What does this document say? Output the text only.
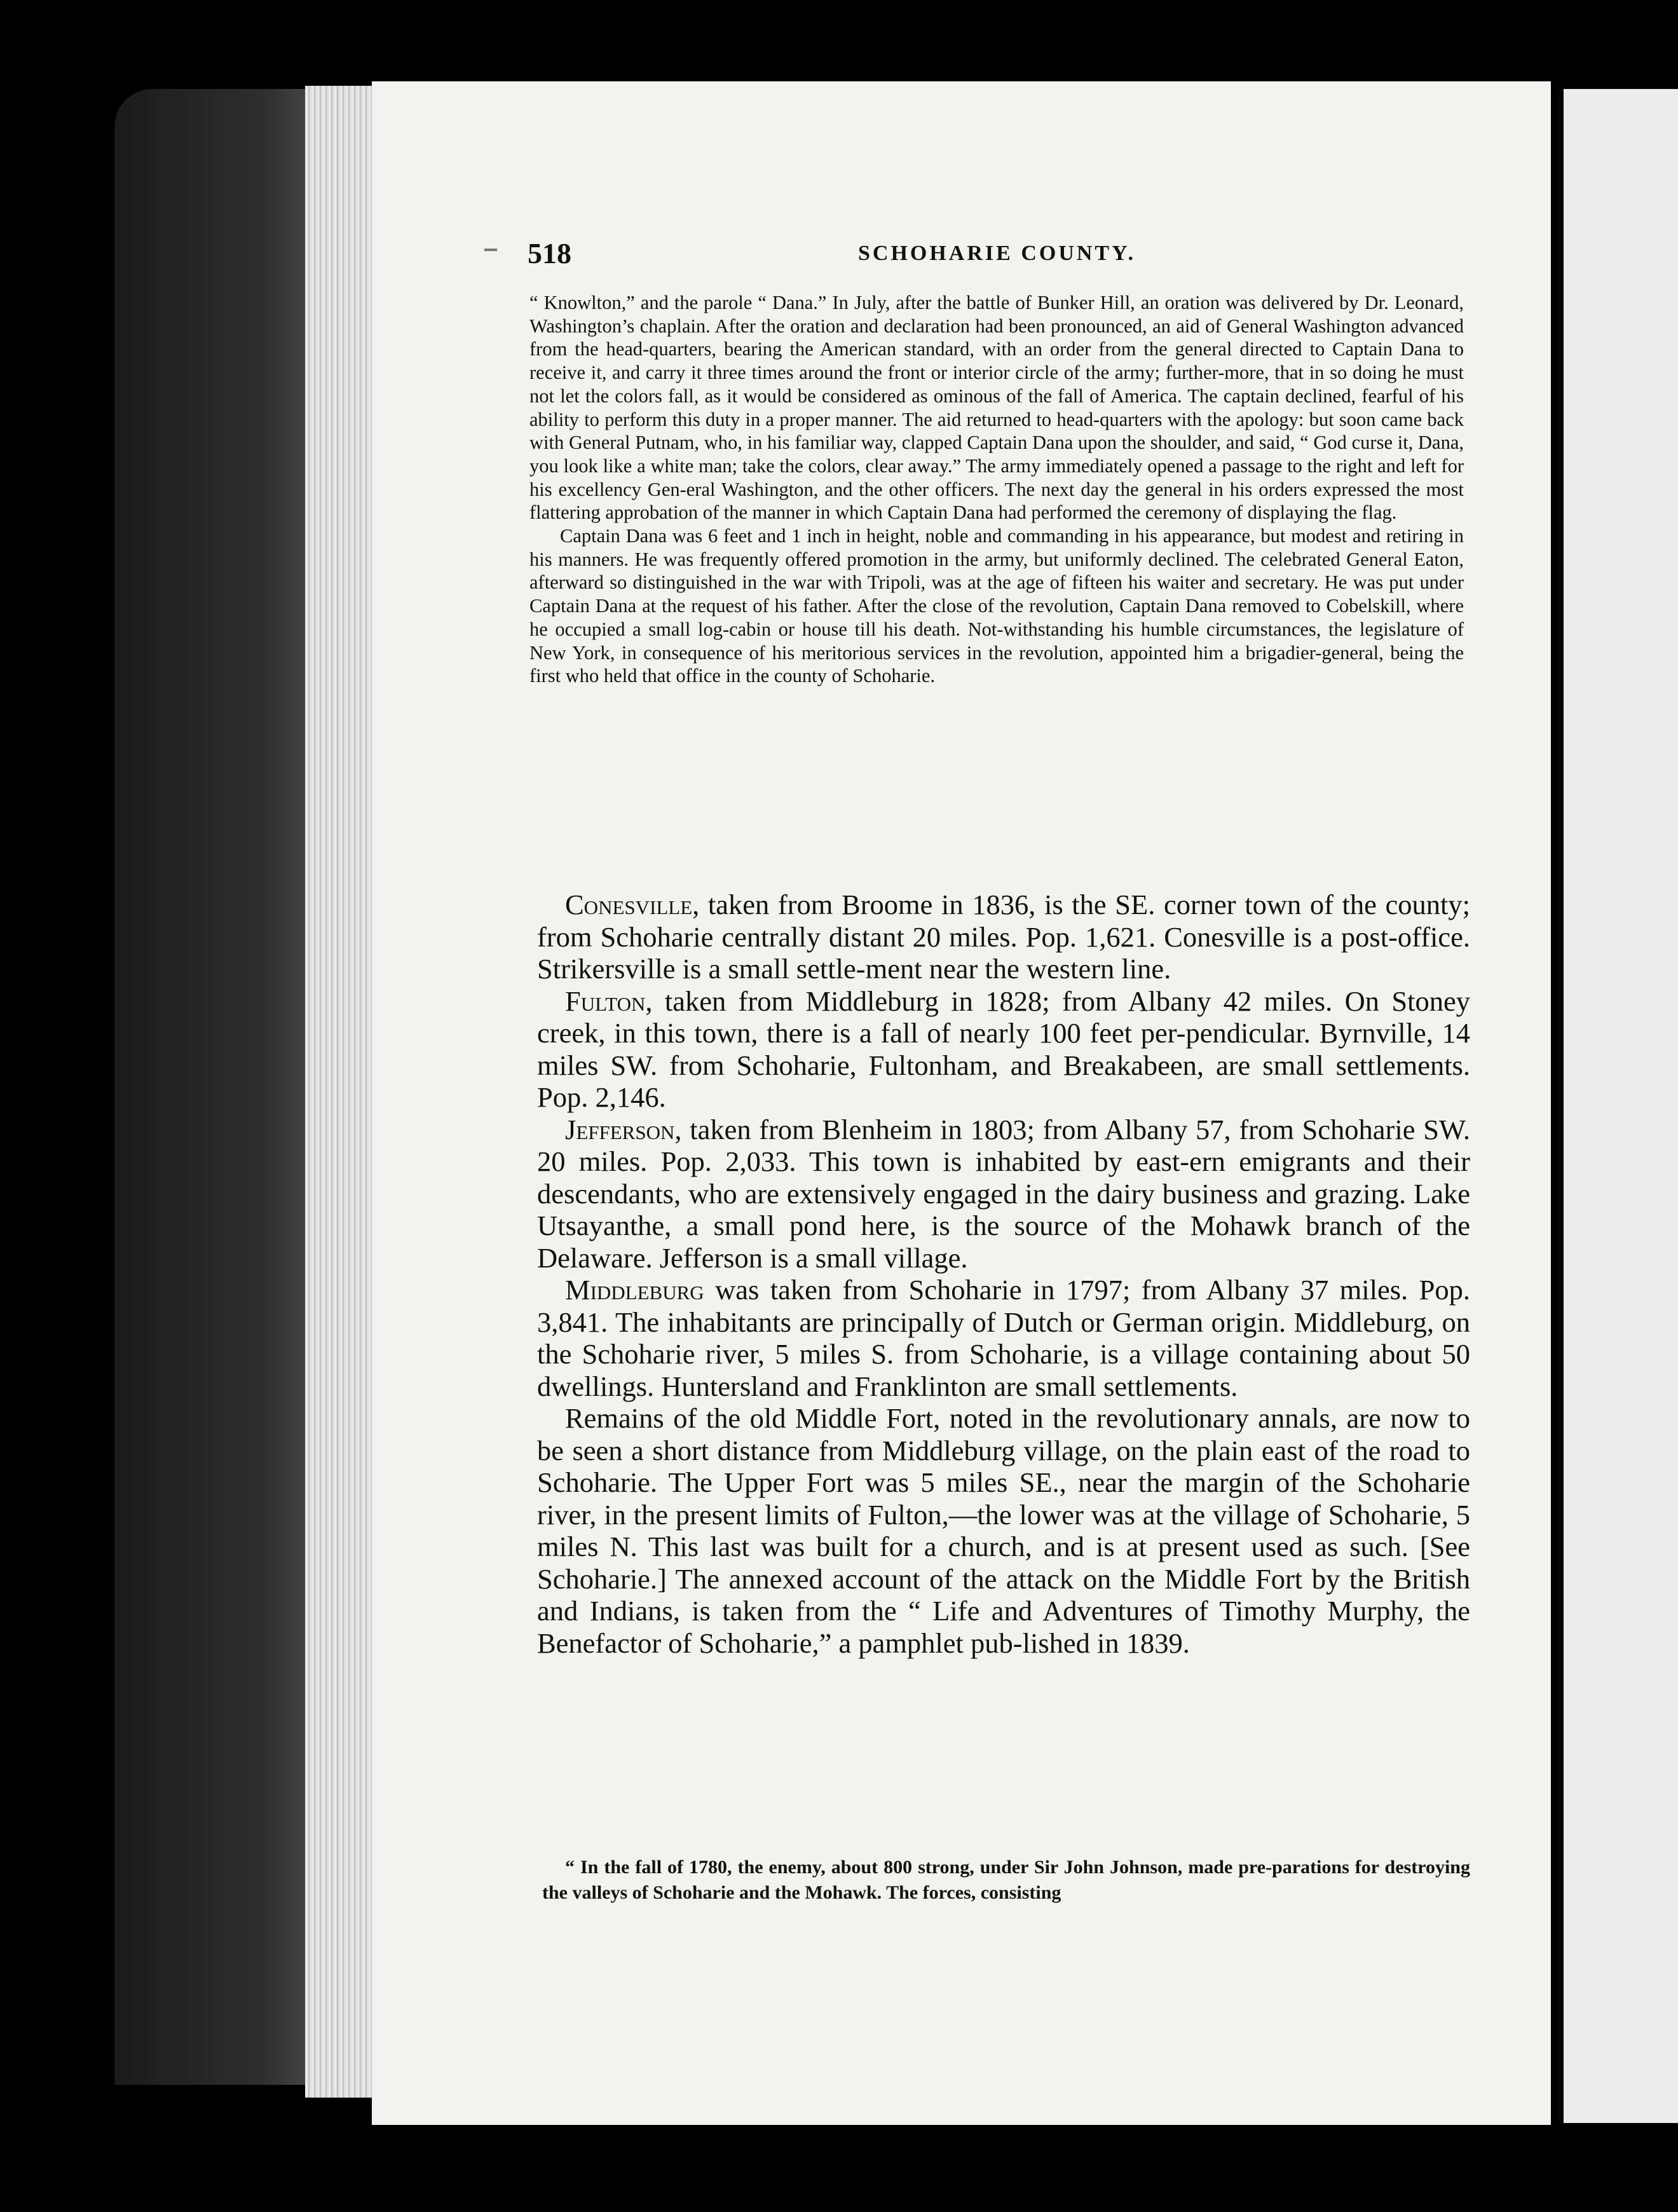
518	SCHOHARIE COUNTY.

“ Knowlton,” and the parole “ Dana.” In July, after the battle of Bunker Hill, an oration was delivered by Dr. Leonard, Washington’s chaplain. After the oration and declaration had been pronounced, an aid of General Washington advanced from the head-quarters, bearing the American standard, with an order from the general directed to Captain Dana to receive it, and carry it three times around the front or interior circle of the army; further-more, that in so doing he must not let the colors fall, as it would be considered as ominous of the fall of America. The captain declined, fearful of his ability to perform this duty in a proper manner. The aid returned to head-quarters with the apology: but soon came back with General Putnam, who, in his familiar way, clapped Captain Dana upon the shoulder, and said, “ God curse it, Dana, you look like a white man; take the colors, clear away.” The army immediately opened a passage to the right and left for his excellency Gen-eral Washington, and the other officers. The next day the general in his orders expressed the most flattering approbation of the manner in which Captain Dana had performed the ceremony of displaying the flag.

Captain Dana was 6 feet and 1 inch in height, noble and commanding in his appearance, but modest and retiring in his manners. He was frequently offered promotion in the army, but uniformly declined. The celebrated General Eaton, afterward so distinguished in the war with Tripoli, was at the age of fifteen his waiter and secretary. He was put under Captain Dana at the request of his father. After the close of the revolution, Captain Dana removed to Cobelskill, where he occupied a small log-cabin or house till his death. Not-withstanding his humble circumstances, the legislature of New York, in consequence of his meritorious services in the revolution, appointed him a brigadier-general, being the first who held that office in the county of Schoharie.

Conesville, taken from Broome in 1836, is the SE. corner town of the county; from Schoharie centrally distant 20 miles. Pop. 1,621. Conesville is a post-office. Strikersville is a small settle-ment near the western line.

Fulton, taken from Middleburg in 1828; from Albany 42 miles. On Stoney creek, in this town, there is a fall of nearly 100 feet per-pendicular. Byrnville, 14 miles SW. from Schoharie, Fultonham, and Breakabeen, are small settlements. Pop. 2,146.

Jefferson, taken from Blenheim in 1803; from Albany 57, from Schoharie SW. 20 miles. Pop. 2,033. This town is inhabited by east-ern emigrants and their descendants, who are extensively engaged in the dairy business and grazing. Lake Utsayanthe, a small pond here, is the source of the Mohawk branch of the Delaware. Jefferson is a small village.

Middleburg was taken from Schoharie in 1797; from Albany 37 miles. Pop. 3,841. The inhabitants are principally of Dutch or German origin. Middleburg, on the Schoharie river, 5 miles S. from Schoharie, is a village containing about 50 dwellings. Huntersland and Franklinton are small settlements.

Remains of the old Middle Fort, noted in the revolutionary annals, are now to be seen a short distance from Middleburg village, on the plain east of the road to Schoharie. The Upper Fort was 5 miles SE., near the margin of the Schoharie river, in the present limits of Fulton,—the lower was at the village of Schoharie, 5 miles N. This last was built for a church, and is at present used as such. [See Schoharie.] The annexed account of the attack on the Middle Fort by the British and Indians, is taken from the “ Life and Adventures of Timothy Murphy, the Benefactor of Schoharie,” a pamphlet pub-lished in 1839.

“ In the fall of 1780, the enemy, about 800 strong, under Sir John Johnson, made pre-parations for destroying the valleys of Schoharie and the Mohawk. The forces, consisting
